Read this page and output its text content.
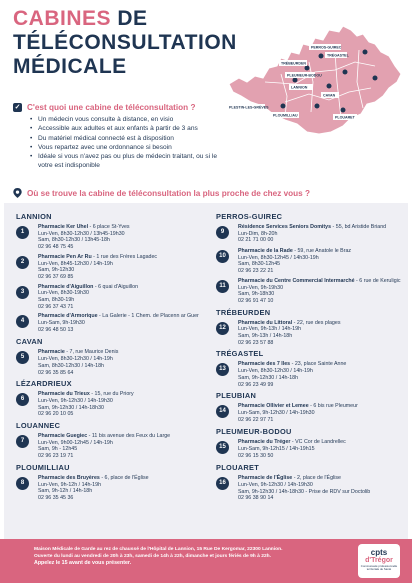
CABINES DE
TÉLÉCONSULTATION
MÉDICALE
LANNION
PERROS-GUIREC
TRÉBEURDEN
PLEUMEUR-BODOU
TRÉGASTEL
CAVAN
PLOUARET
PLOUMILLIAU
PLESTIN-LES-GRÈVES
✓ C'est quoi une cabine de téléconsultation ?
• Un médecin vous consulte à distance, en visio
• Accessible aux adultes et aux enfants à partir de 3 ans
• Du matériel médical connecté est à disposition
• Vous repartez avec une ordonnance si besoin
• Idéale si vous n'avez pas ou plus de médecin traitant, ou si le votre est indisponible
Où se trouve la cabine de téléconsultation la plus proche de chez vous ?
LANNION
1
Pharmacie Ker Uhel - 6 place St-Yves
Lun-Ven, 8h30-12h30 / 13h45-19h30
Sam, 8h30-12h30 / 13h45-18h
02 96 48 75 45
2
Pharmacie Pen Ar Ru - 1 rue des Frères Lagadec
Lun-Ven, 8h45-12h30 / 14h-19h
Sam, 9h-12h30
02 96 37 69 85
3
Pharmacie d'Aiguillon - 6 quai d'Aiguillon
Lun-Ven, 8h30-19h30
Sam, 8h30-19h
02 96 37 43 71
4
Pharmacie d'Armorique - La Galerie - 1 Chem. de Placenn ar Guer
Lun-Sam, 9h-19h30
02 96 48 50 13
CAVAN
5
Pharmacie - 7, rue Maurice Denis
Lun-Ven, 8h30-12h30 / 14h-19h
Sam, 8h30-12h30 / 14h-18h
02 96 35 85 64
LÉZARDRIEUX
6
Pharmacie du Trieux - 15, rue du Priory
Lun-Ven, 9h-12h30 / 14h-19h30
Sam, 9h-12h30 / 14h-18h30
02 96 20 10 05
LOUANNEC
7
Pharmacie Guegiec - 11 bis avenue des Feux du Large
Lun-Ven, 9h00-12h45 / 14h-19h
Sam, 9h - 12h45
02 96 23 19 71
PLOUMILLIAU
8
Pharmacie des Bruyères - 6, place de l'Église
Lun-Ven, 9h-12h / 14h-19h
Sam, 9h-12h / 14h-18h
02 96 35 45 36
PERROS-GUIREC
9
Résidence Services Seniors Domitys - 55, bd Aristide Briand
Lun-Dim, 8h-20h
02 21 71 00 00
10
Pharmacie de la Rade - 59, rue Anatole le Braz
Lun-Ven, 8h30-12h45 / 14h30-19h
Sam, 8h30-12h45
02 96 23 22 21
11
Pharmacie du Centre Commercial Intermarché - 6 rue de Keruligic
Lun-Ven, 9h-19h30
Sam, 9h-18h30
02 96 91 47 10
TRÉBEURDEN
12
Pharmacie du Littoral - 22, rue des plages
Lun-Ven, 9h-13h / 14h-19h
Sam, 9h-13h / 14h-18h
02 96 23 57 88
TRÉGASTEL
13
Pharmacie des 7 Iles - 23, place Sainte Anne
Lun-Ven, 8h30-12h30 / 14h-19h
Sam, 9h-12h30 / 14h-18h
02 96 23 49 99
PLEUBIAN
14
Pharmacie Ollivier et Lemee - 6 bis rue Pleumeur
Lun-Sam, 9h-12h30 / 14h-19h30
02 96 22 97 71
PLEUMEUR-BODOU
15
Pharmacie du Tréger - VC Cor de Landrellec
Lun-Sam, 9h-12h15 / 14h-19h15
02 96 15 30 50
PLOUARET
16
Pharmacie de l'Église - 2, place de l'Église
Lun-Ven, 9h-12h30 / 14h-19h30
Sam, 9h-12h30 / 14h-18h30 - Prise de RDV sur Doctolib
02 96 38 90 14
Maison Médicale de Garde au rez de chaussé de l'Hôpital de Lannion, 15 Rue De Kergomar, 22300 Lannion.
Ouverte du lundi au vendredi de 20h à 23h, samedi de 14h à 22h, dimanche et jours fériés de 9h à 22h.
Appelez le 15 avant de vous présenter.
cpts
d'Trégor
Communauté professionnelle territoriale de Santé
